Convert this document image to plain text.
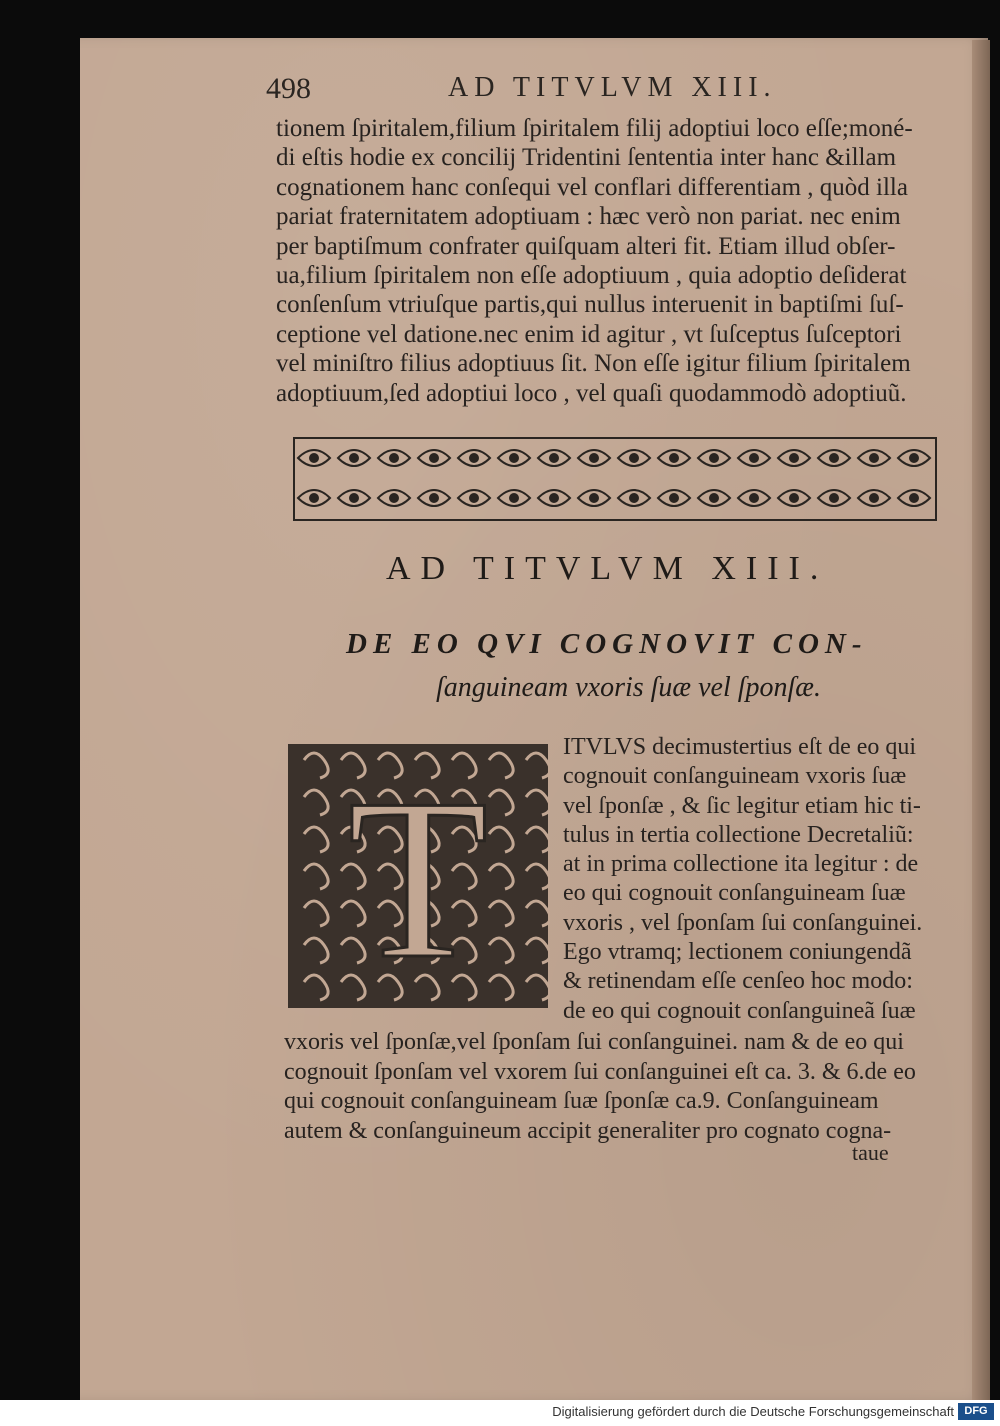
498	AD TITVLVM XIII.
tionem ſpiritalem,filium ſpiritalem filij adoptiui loco eſſe;moné-
di eſtis hodie ex concilij Tridentini ſententia inter hanc &illam
cognationem hanc conſequi vel conflari differentiam , quòd illa
pariat fraternitatem adoptiuam : hæc verò non pariat. nec enim
per baptiſmum confrater quiſquam alteri fit. Etiam illud obſer-
ua,filium ſpiritalem non eſſe adoptiuum , quia adoptio deſiderat
conſenſum vtriuſque partis,qui nullus interuenit in baptiſmi ſuſ-
ceptione vel datione.nec enim id agitur , vt ſuſceptus ſuſceptori
vel miniſtro filius adoptiuus ſit. Non eſſe igitur filium ſpiritalem
adoptiuum,ſed adoptiui loco , vel quaſi quodammodò adoptiuũ.
AD TITVLVM XIII.
DE EO QVI COGNOVIT CON-
ſanguineam vxoris ſuæ vel ſponſæ.
T
ITVLVS decimustertius eſt de eo qui
cognouit conſanguineam vxoris ſuæ
vel ſponſæ , & ſic legitur etiam hic ti-
tulus in tertia collectione Decretaliũ:
at in prima collectione ita legitur : de
eo qui cognouit conſanguineam ſuæ
vxoris , vel ſponſam ſui conſanguinei.
Ego vtramq; lectionem coniungendã
& retinendam eſſe cenſeo hoc modo:
de eo qui cognouit conſanguineã ſuæ
vxoris vel ſponſæ,vel ſponſam ſui conſanguinei. nam & de eo qui
cognouit ſponſam vel vxorem ſui conſanguinei eſt ca. 3. & 6.de eo
qui cognouit conſanguineam ſuæ ſponſæ ca.9. Conſanguineam
autem & conſanguineum accipit generaliter pro cognato cogna-
taue
Digitalisierung gefördert durch die Deutsche Forschungsgemeinschaft DFG
